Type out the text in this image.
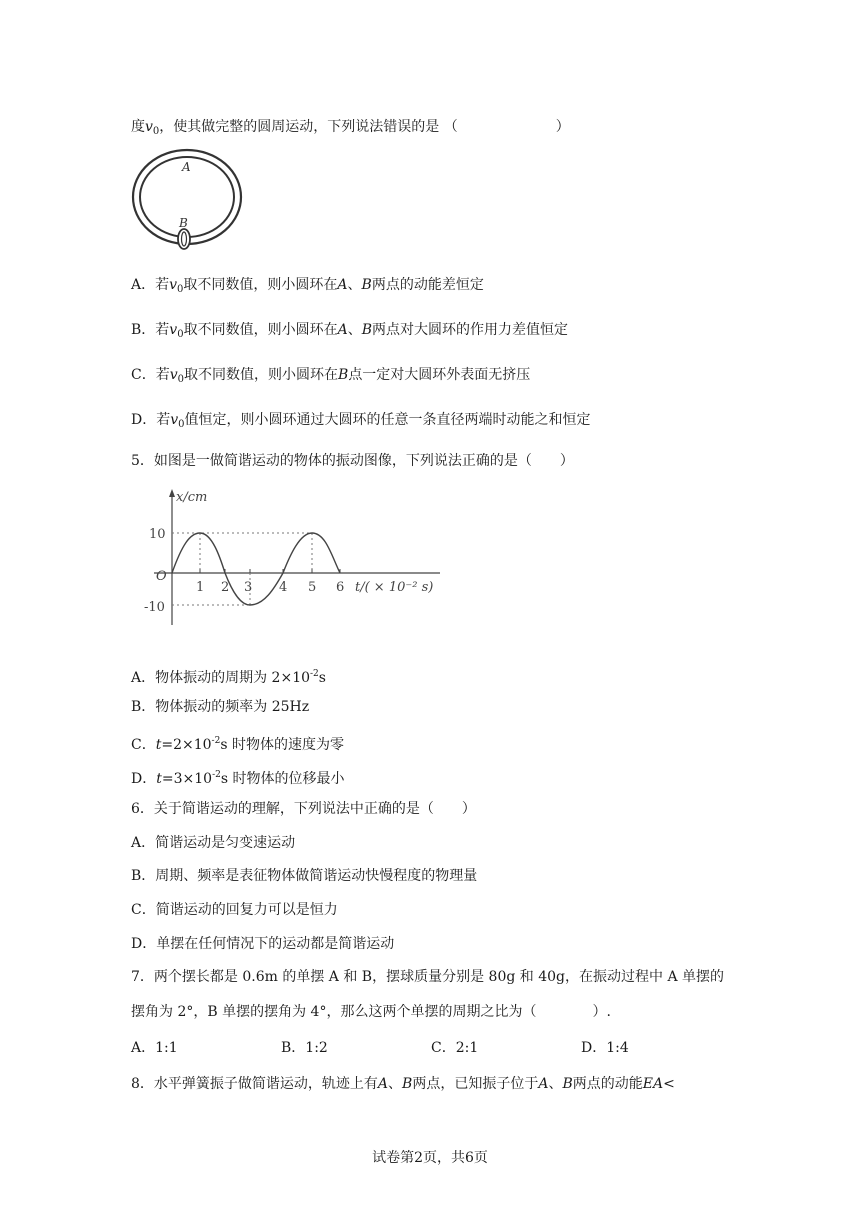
度$v_0$，使其做完整的圆周运动，下列说法错误的是 （　　　　　　　）
A
B
A．若$v_0$取不同数值，则小圆环在A、B两点的动能差恒定
B．若$v_0$取不同数值，则小圆环在A、B两点对大圆环的作用力差值恒定
C．若$v_0$取不同数值，则小圆环在B点一定对大圆环外表面无挤压
D．若$v_0$值恒定，则小圆环通过大圆环的任意一条直径两端时动能之和恒定
5．如图是一做简谐运动的物体的振动图像，下列说法正确的是（　　）
x/cm
10
-10
O
1 2 3 4 5 6 t/( × 10⁻² s)
A．物体振动的周期为 $2\times 10^{-2}s$
B．物体振动的频率为 25Hz
C．$t=2\times 10^{-2}s$ 时物体的速度为零
D．$t=3\times 10^{-2}s$ 时物体的位移最小
6．关于简谐运动的理解，下列说法中正确的是（　　）
A．简谐运动是匀变速运动
B．周期、频率是表征物体做简谐运动快慢程度的物理量
C．简谐运动的回复力可以是恒力
D．单摆在任何情况下的运动都是简谐运动
7．两个摆长都是 0.6m 的单摆 A 和 B，摆球质量分别是 80g 和 40g，在振动过程中 A 单摆的
摆角为 2°，B 单摆的摆角为 4°，那么这两个单摆的周期之比为（　　　　）.
A．1:1	B．1:2	C．2:1	D．1:4
8．水平弹簧振子做简谐运动，轨迹上有A、B两点，已知振子位于A、B两点的动能EA<
试卷第2页，共6页
